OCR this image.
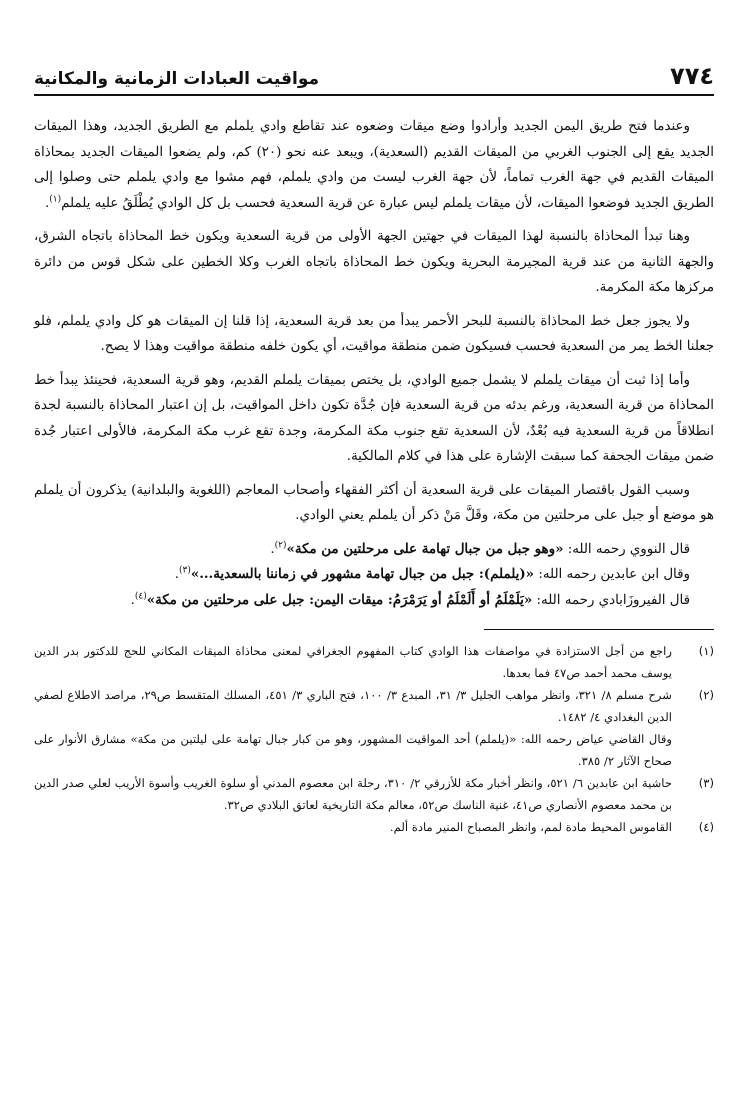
٧٧٤
مواقيت العبادات الزمانية والمكانية

وعندما فتح طريق اليمن الجديد وأرادوا وضع ميقات وضعوه عند تقاطع وادي يلملم مع الطريق الجديد، وهذا الميقات الجديد يقع إلى الجنوب الغربي من الميقات القديم (السعدية)، ويبعد عنه نحو (٢٠) كم، ولم يضعوا الميقات الجديد بمحاذاة الميقات القديم في جهة الغرب تماماً، لأن جهة الغرب ليست من وادي يلملم، فهم مشوا مع وادي يلملم حتى وصلوا إلى الطريق الجديد فوضعوا الميقات، لأن ميقات يلملم ليس عبارة عن قرية السعدية فحسب بل كل الوادي يُطْلَقُ عليه يلملم$^{(١)}$.

وهنا تبدأ المحاذاة بالنسبة لهذا الميقات في جهتين الجهة الأولى من قرية السعدية ويكون خط المحاذاة باتجاه الشرق، والجهة الثانية من عند قرية المجيرمة البحرية ويكون خط المحاذاة باتجاه الغرب وكلا الخطين على شكل قوس من دائرة مركزها مكة المكرمة.

ولا يجوز جعل خط المحاذاة بالنسبة للبحر الأحمر يبدأ من بعد قرية السعدية، إذا قلنا إن الميقات هو كل وادي يلملم، فلو جعلنا الخط يمر من السعدية فحسب فسيكون ضمن منطقة مواقيت، أي يكون خلفه منطقة مواقيت وهذا لا يصح.

وأما إذا ثبت أن ميقات يلملم لا يشمل جميع الوادي، بل يختص بميقات يلملم القديم، وهو قرية السعدية، فحينئذ يبدأ خط المحاذاة من قرية السعدية، ورغم بدئه من قرية السعدية فإن جُدَّة تكون داخل المواقيت، بل إن اعتبار المحاذاة بالنسبة لجدة انطلاقاً من قرية السعدية فيه بُعْدٌ، لأن السعدية تقع جنوب مكة المكرمة، وجدة تقع غرب مكة المكرمة، فالأولى اعتبار جُدة ضمن ميقات الجحفة كما سبقت الإشارة على هذا في كلام المالكية.

وسبب القول باقتصار الميقات على قرية السعدية أن أكثر الفقهاء وأصحاب المعاجم (اللغوية والبلدانية) يذكرون أن يلملم هو موضع أو جبل على مرحلتين من مكة، وقَلَّ مَنْ ذكر أن يلملم يعني الوادي.

قال النووي رحمه الله: «وهو جبل من جبال تهامة على مرحلتين من مكة»$^{(٢)}$.

وقال ابن عابدين رحمه الله: «(يلملم): جبل من جبال تهامة مشهور في زماننا بالسعدية...»$^{(٣)}$.

قال الفيروزَابادي رحمه الله: «يَلَمْلَمُ أو أَلَمْلَمُ أو يَرَمْرَمُ: ميقات اليمن: جبل على مرحلتين من مكة»$^{(٤)}$.

(١)
راجع من أجل الاستزادة في مواصفات هذا الوادي كتاب المفهوم الجغرافي لمعنى محاذاة الميقات المكاني للحج للدكتور بدر الدين يوسف محمد أحمد ص٤٧ فما بعدها.
(٢)
شرح مسلم ٨/ ٣٢١، وانظر مواهب الجليل ٣/ ٣١، المبدع ٣/ ١٠٠، فتح الباري ٣/ ٤٥١، المسلك المتقسط ص٢٩، مراصد الاطلاع لصفي الدين البغدادي ٤/ ١٤٨٢.
وقال القاضي عياض رحمه الله: «(يلملم) أحد المواقيت المشهور، وهو من كبار جبال تهامة على ليلتين من مكة» مشارق الأنوار على صحاح الآثار ٢/ ٣٨٥.
(٣)
حاشية ابن عابدين ٦/ ٥٢١، وانظر أخبار مكة للأزرقي ٢/ ٣١٠، رحلة ابن معصوم المدني أو سلوة الغريب وأسوة الأريب لعلي صدر الدين بن محمد معصوم الأنصاري ص٤١، غنية الناسك ص٥٢، معالم مكة التاريخية لعاتق البلادي ص٣٢.
(٤)
القاموس المحيط مادة لمم، وانظر المصباح المنير مادة ألم.
